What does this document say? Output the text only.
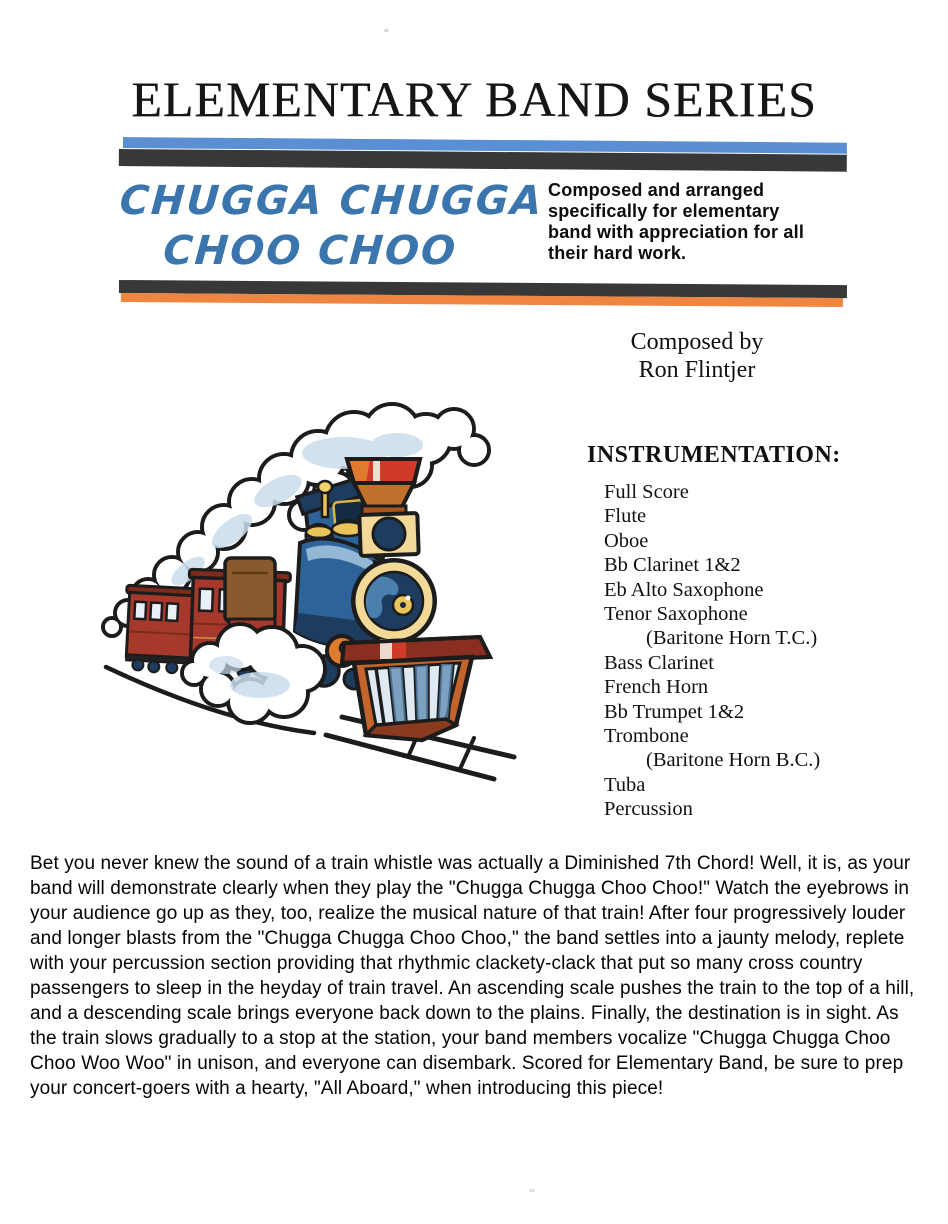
ELEMENTARY BAND SERIES
CHUGGA CHUGGA
CHOO CHOO
Composed and arranged specifically for elementary band with appreciation for all their hard work.
Composed by
Ron Flintjer
INSTRUMENTATION:
Full Score
Flute
Oboe
Bb Clarinet 1&2
Eb Alto Saxophone
Tenor Saxophone
(Baritone Horn T.C.)
Bass Clarinet
French Horn
Bb Trumpet 1&2
Trombone
(Baritone Horn B.C.)
Tuba
Percussion
Bet you never knew the sound of a train whistle was actually a Diminished 7th Chord! Well, it is, as your band will demonstrate clearly when they play the "Chugga Chugga Choo Choo!" Watch the eyebrows in your audience go up as they, too, realize the musical nature of that train! After four progressively louder and longer blasts from the "Chugga Chugga Choo Choo," the band settles into a jaunty melody, replete with your percussion section providing that rhythmic clackety-clack that put so many cross country passengers to sleep in the heyday of train travel. An ascending scale pushes the train to the top of a hill, and a descending scale brings everyone back down to the plains. Finally, the destination is in sight. As the train slows gradually to a stop at the station, your band members vocalize "Chugga Chugga Choo Choo Woo Woo" in unison, and everyone can disembark. Scored for Elementary Band, be sure to prep your concert-goers with a hearty, "All Aboard," when introducing this piece!
